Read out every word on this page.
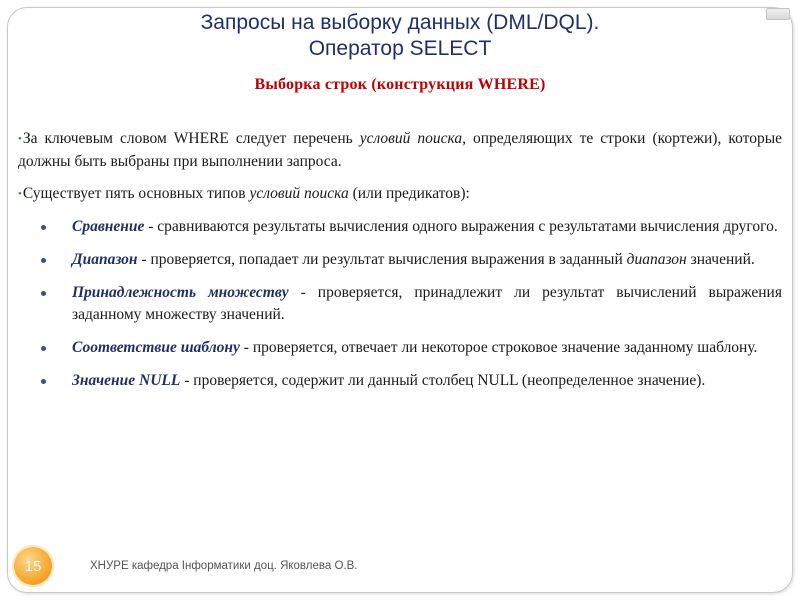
Запросы на выборку данных (DML/DQL).
Оператор SELECT
Выборка строк (конструкция WHERE)

•За ключевым словом WHERE следует перечень условий поиска, определяющих те строки (кортежи), которые должны быть выбраны при выполнении запроса.

•Существует пять основных типов условий поиска (или предикатов):

Сравнение - сравниваются результаты вычисления одного выражения с результатами вычисления другого.
Диапазон - проверяется, попадает ли результат вычисления выражения в заданный диапазон значений.
Принадлежность множеству - проверяется, принадлежит ли результат вычислений выражения заданному множеству значений.
Соответствие шаблону - проверяется, отвечает ли некоторое строковое значение заданному шаблону.
Значение NULL - проверяется, содержит ли данный столбец NULL (неопределенное значение).
15	ХНУРЕ кафедра Інформатики доц. Яковлева О.В.
